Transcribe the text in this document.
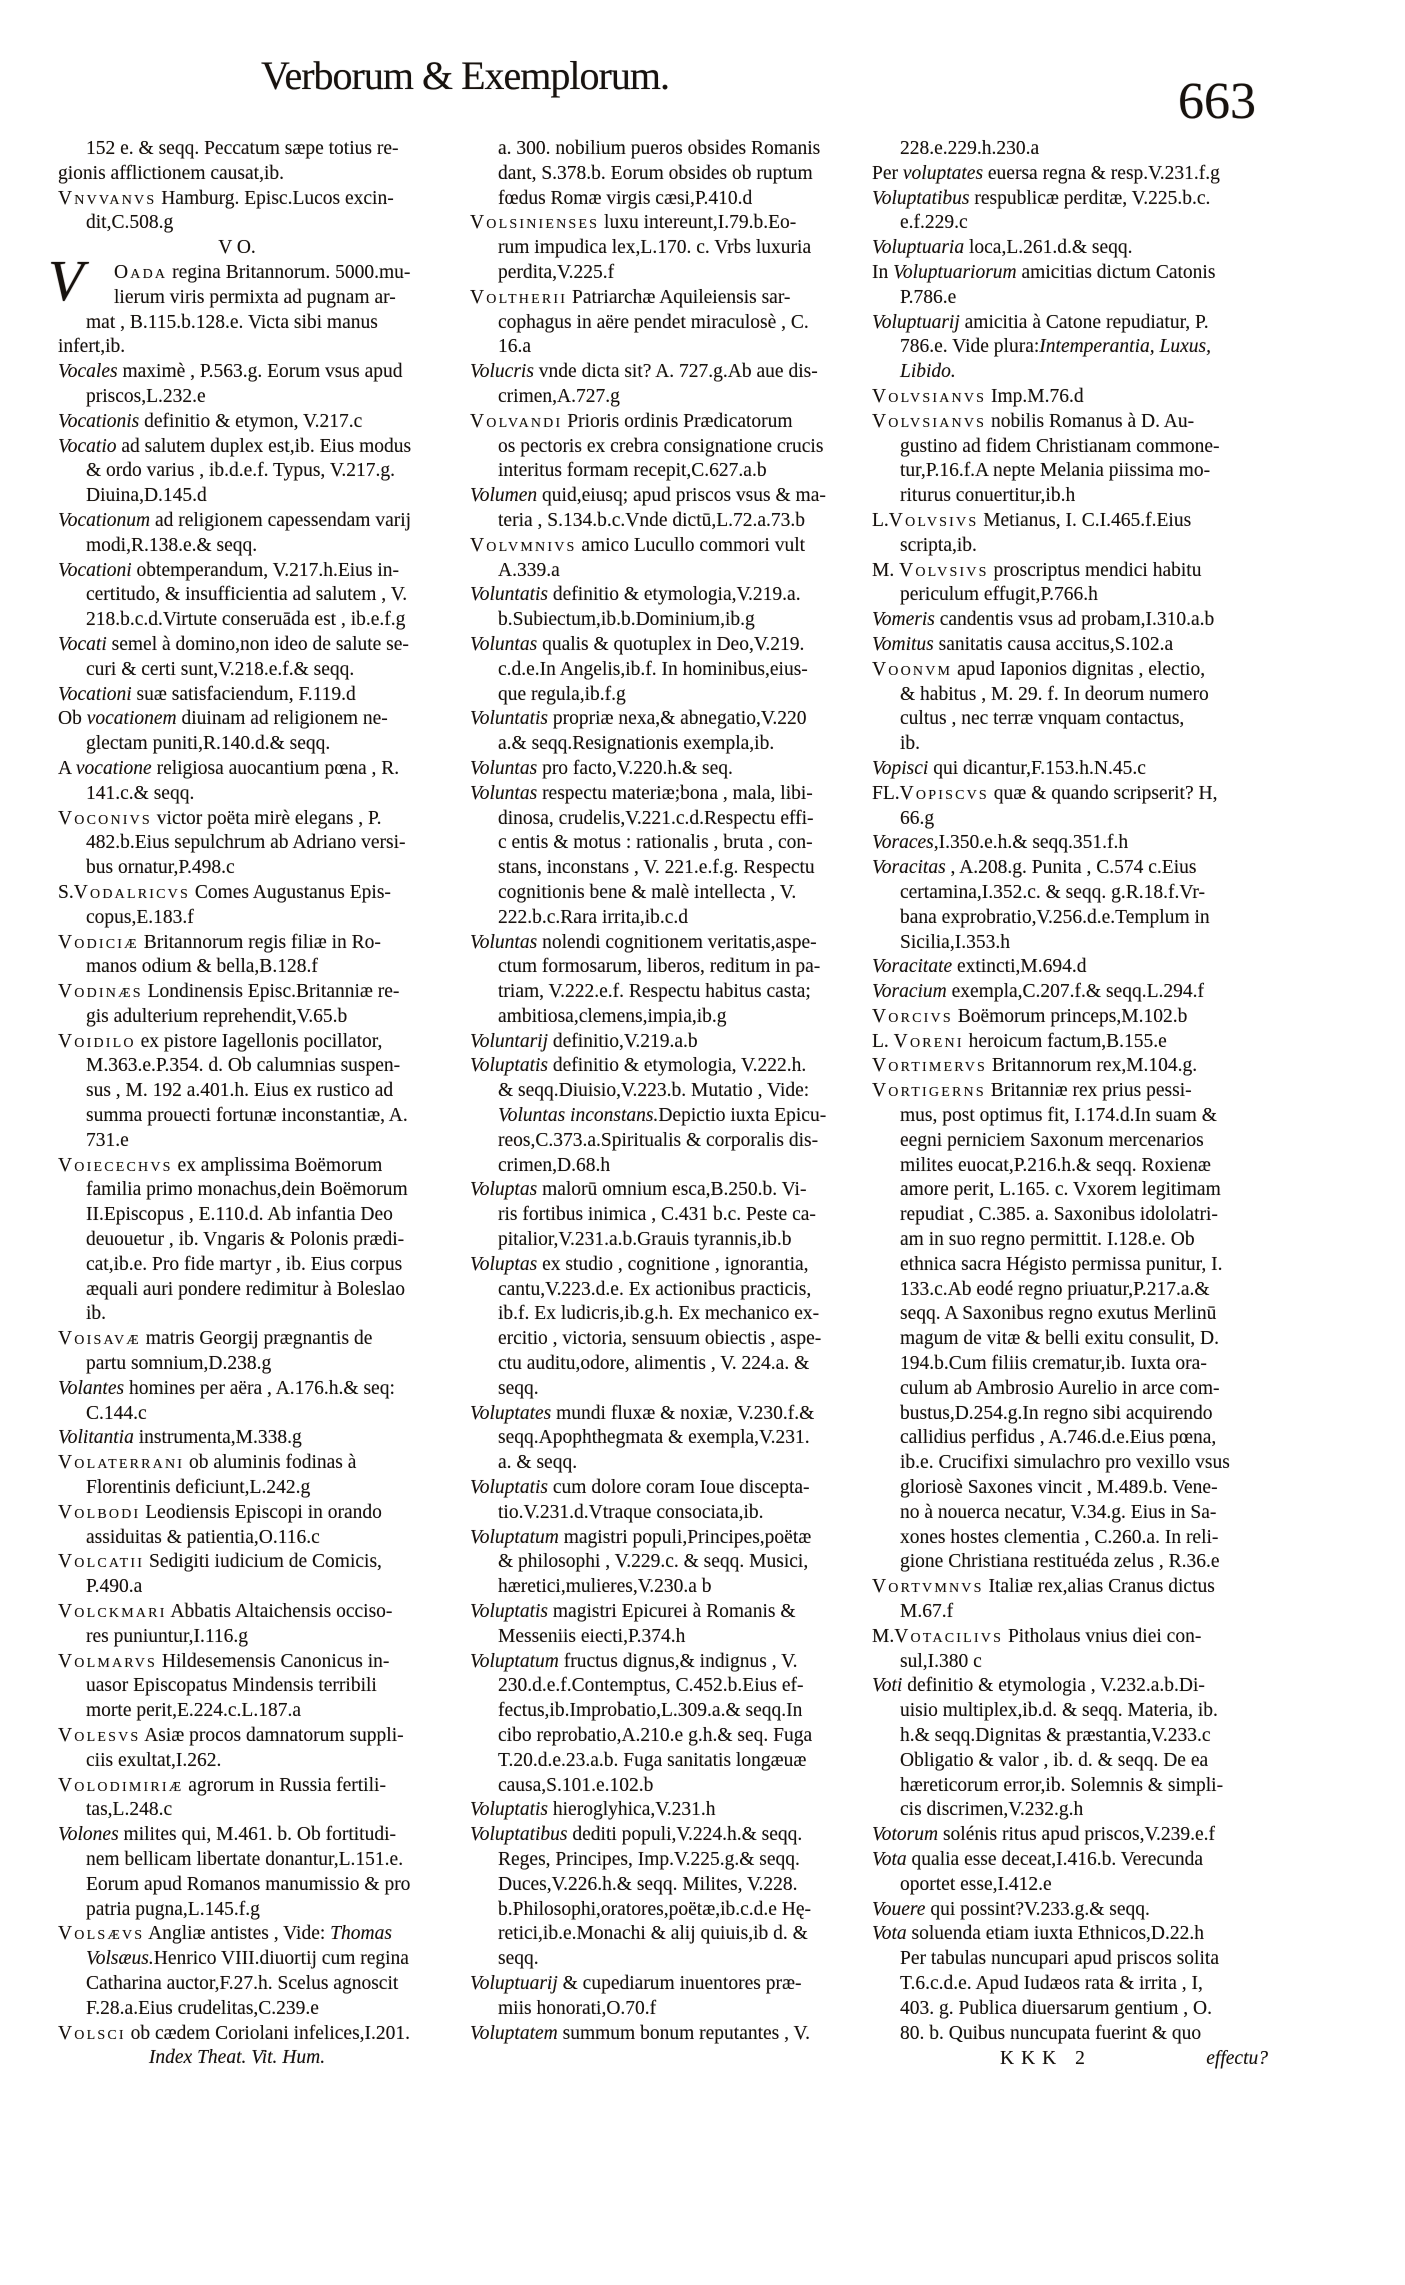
Verborum & Exemplorum.	663
V
152 e. & seqq. Peccatum sæpe totius re-
gionis afflictionem causat,ib.
Vnvvanvs Hamburg. Episc.Lucos excin-
dit,C.508.g
V O.
Oada regina Britannorum. 5000.mu-
lierum viris permixta ad pugnam ar-
mat , B.115.b.128.e. Victa sibi manus
infert,ib.
Vocales maximè , P.563.g. Eorum vsus apud
priscos,L.232.e
Vocationis definitio & etymon, V.217.c
Vocatio ad salutem duplex est,ib. Eius modus
& ordo varius , ib.d.e.f. Typus, V.217.g.
Diuina,D.145.d
Vocationum ad religionem capessendam varij
modi,R.138.e.& seqq.
Vocationi obtemperandum, V.217.h.Eius in-
certitudo, & insufficientia ad salutem , V.
218.b.c.d.Virtute conseruāda est , ib.e.f.g
Vocati semel à domino,non ideo de salute se-
curi & certi sunt,V.218.e.f.& seqq.
Vocationi suæ satisfaciendum, F.119.d
Ob vocationem diuinam ad religionem ne-
glectam puniti,R.140.d.& seqq.
A vocatione religiosa auocantium pœna , R.
141.c.& seqq.
Voconivs victor poëta mirè elegans , P.
482.b.Eius sepulchrum ab Adriano versi-
bus ornatur,P.498.c
S.Vodalricvs Comes Augustanus Epis-
copus,E.183.f
Vodiciæ Britannorum regis filiæ in Ro-
manos odium & bella,B.128.f
Vodinæs Londinensis Episc.Britanniæ re-
gis adulterium reprehendit,V.65.b
Voidilo ex pistore Iagellonis pocillator,
M.363.e.P.354. d. Ob calumnias suspen-
sus , M. 192 a.401.h. Eius ex rustico ad
summa prouecti fortunæ inconstantiæ, A.
731.e
Voiecechvs ex amplissima Boëmorum
familia primo monachus,dein Boëmorum
II.Episcopus , E.110.d. Ab infantia Deo
deuouetur , ib. Vngaris & Polonis prædi-
cat,ib.e. Pro fide martyr , ib. Eius corpus
æquali auri pondere redimitur à Boleslao
ib.
Voisavæ matris Georgij prægnantis de
partu somnium,D.238.g
Volantes homines per aëra , A.176.h.& seq:
C.144.c
Volitantia instrumenta,M.338.g
Volaterrani ob aluminis fodinas à
Florentinis deficiunt,L.242.g
Volbodi Leodiensis Episcopi in orando
assiduitas & patientia,O.116.c
Volcatii Sedigiti iudicium de Comicis,
P.490.a
Volckmari Abbatis Altaichensis occiso-
res puniuntur,I.116.g
Volmarvs Hildesemensis Canonicus in-
uasor Episcopatus Mindensis terribili
morte perit,E.224.c.L.187.a
Volesvs Asiæ procos damnatorum suppli-
ciis exultat,I.262.
Volodimiriæ agrorum in Russia fertili-
tas,L.248.c
Volones milites qui, M.461. b. Ob fortitudi-
nem bellicam libertate donantur,L.151.e.
Eorum apud Romanos manumissio & pro
patria pugna,L.145.f.g
Volsævs Angliæ antistes , Vide: Thomas
Volsæus.Henrico VIII.diuortij cum regina
Catharina auctor,F.27.h. Scelus agnoscit
F.28.a.Eius crudelitas,C.239.e
Volsci ob cædem Coriolani infelices,I.201.
Index Theat. Vit. Hum.
a. 300. nobilium pueros obsides Romanis
dant, S.378.b. Eorum obsides ob ruptum
fœdus Romæ virgis cæsi,P.410.d
Volsinienses luxu intereunt,I.79.b.Eo-
rum impudica lex,L.170. c. Vrbs luxuria
perdita,V.225.f
Voltherii Patriarchæ Aquileiensis sar-
cophagus in aëre pendet miraculosè , C.
16.a
Volucris vnde dicta sit? A. 727.g.Ab aue dis-
crimen,A.727.g
Volvandi Prioris ordinis Prædicatorum
os pectoris ex crebra consignatione crucis
interitus formam recepit,C.627.a.b
Volumen quid,eiusq; apud priscos vsus & ma-
teria , S.134.b.c.Vnde dictū,L.72.a.73.b
Volvmnivs amico Lucullo commori vult
A.339.a
Voluntatis definitio & etymologia,V.219.a.
b.Subiectum,ib.b.Dominium,ib.g
Voluntas qualis & quotuplex in Deo,V.219.
c.d.e.In Angelis,ib.f. In hominibus,eius-
que regula,ib.f.g
Voluntatis propriæ nexa,& abnegatio,V.220
a.& seqq.Resignationis exempla,ib.
Voluntas pro facto,V.220.h.& seq.
Voluntas respectu materiæ;bona , mala, libi-
dinosa, crudelis,V.221.c.d.Respectu effi-
c entis & motus : rationalis , bruta , con-
stans, inconstans , V. 221.e.f.g. Respectu
cognitionis bene & malè intellecta , V.
222.b.c.Rara irrita,ib.c.d
Voluntas nolendi cognitionem veritatis,aspe-
ctum formosarum, liberos, reditum in pa-
triam, V.222.e.f. Respectu habitus casta;
ambitiosa,clemens,impia,ib.g
Voluntarij definitio,V.219.a.b
Voluptatis definitio & etymologia, V.222.h.
& seqq.Diuisio,V.223.b. Mutatio , Vide:
Voluntas inconstans.Depictio iuxta Epicu-
reos,C.373.a.Spiritualis & corporalis dis-
crimen,D.68.h
Voluptas malorū omnium esca,B.250.b. Vi-
ris fortibus inimica , C.431 b.c. Peste ca-
pitalior,V.231.a.b.Grauis tyrannis,ib.b
Voluptas ex studio , cognitione , ignorantia,
cantu,V.223.d.e. Ex actionibus practicis,
ib.f. Ex ludicris,ib.g.h. Ex mechanico ex-
ercitio , victoria, sensuum obiectis , aspe-
ctu auditu,odore, alimentis , V. 224.a. &
seqq.
Voluptates mundi fluxæ & noxiæ, V.230.f.&
seqq.Apophthegmata & exempla,V.231.
a. & seqq.
Voluptatis cum dolore coram Ioue discepta-
tio.V.231.d.Vtraque consociata,ib.
Voluptatum magistri populi,Principes,poëtæ
& philosophi , V.229.c. & seqq. Musici,
hæretici,mulieres,V.230.a b
Voluptatis magistri Epicurei à Romanis &
Messeniis eiecti,P.374.h
Voluptatum fructus dignus,& indignus , V.
230.d.e.f.Contemptus, C.452.b.Eius ef-
fectus,ib.Improbatio,L.309.a.& seqq.In
cibo reprobatio,A.210.e g.h.& seq. Fuga
T.20.d.e.23.a.b. Fuga sanitatis longæuæ
causa,S.101.e.102.b
Voluptatis hieroglyhica,V.231.h
Voluptatibus dediti populi,V.224.h.& seqq.
Reges, Principes, Imp.V.225.g.& seqq.
Duces,V.226.h.& seqq. Milites, V.228.
b.Philosophi,oratores,poëtæ,ib.c.d.e Hę-
retici,ib.e.Monachi & alij quiuis,ib d. &
seqq.
Voluptuarij & cupediarum inuentores præ-
miis honorati,O.70.f
Voluptatem summum bonum reputantes , V.
228.e.229.h.230.a
Per voluptates euersa regna & resp.V.231.f.g
Voluptatibus respublicæ perditæ, V.225.b.c.
e.f.229.c
Voluptuaria loca,L.261.d.& seqq.
In Voluptuariorum amicitias dictum Catonis
P.786.e
Voluptuarij amicitia à Catone repudiatur, P.
786.e. Vide plura:Intemperantia, Luxus,
Libido.
Volvsianvs Imp.M.76.d
Volvsianvs nobilis Romanus à D. Au-
gustino ad fidem Christianam commone-
tur,P.16.f.A nepte Melania piissima mo-
riturus conuertitur,ib.h
L.Volvsivs Metianus, I. C.I.465.f.Eius
scripta,ib.
M. Volvsivs proscriptus mendici habitu
periculum effugit,P.766.h
Vomeris candentis vsus ad probam,I.310.a.b
Vomitus sanitatis causa accitus,S.102.a
Voonvm apud Iaponios dignitas , electio,
& habitus , M. 29. f. In deorum numero
cultus , nec terræ vnquam contactus,
ib.
Vopisci qui dicantur,F.153.h.N.45.c
FL.Vopiscvs quæ & quando scripserit? H,
66.g
Voraces,I.350.e.h.& seqq.351.f.h
Voracitas , A.208.g. Punita , C.574 c.Eius
certamina,I.352.c. & seqq. g.R.18.f.Vr-
bana exprobratio,V.256.d.e.Templum in
Sicilia,I.353.h
Voracitate extincti,M.694.d
Voracium exempla,C.207.f.& seqq.L.294.f
Vorcivs Boëmorum princeps,M.102.b
L. Voreni heroicum factum,B.155.e
Vortimervs Britannorum rex,M.104.g.
Vortigerns Britanniæ rex prius pessi-
mus, post optimus fit, I.174.d.In suam &
eegni perniciem Saxonum mercenarios
milites euocat,P.216.h.& seqq. Roxienæ
amore perit, L.165. c. Vxorem legitimam
repudiat , C.385. a. Saxonibus idololatri-
am in suo regno permittit. I.128.e. Ob
ethnica sacra Hégisto permissa punitur, I.
133.c.Ab eodé regno priuatur,P.217.a.&
seqq. A Saxonibus regno exutus Merlinū
magum de vitæ & belli exitu consulit, D.
194.b.Cum filiis crematur,ib. Iuxta ora-
culum ab Ambrosio Aurelio in arce com-
bustus,D.254.g.In regno sibi acquirendo
callidius perfidus , A.746.d.e.Eius pœna,
ib.e. Crucifixi simulachro pro vexillo vsus
gloriosè Saxones vincit , M.489.b. Vene-
no à nouerca necatur, V.34.g. Eius in Sa-
xones hostes clementia , C.260.a. In reli-
gione Christiana restituéda zelus , R.36.e
Vortvmnvs Italiæ rex,alias Cranus dictus
M.67.f
M.Votacilivs Pitholaus vnius diei con-
sul,I.380 c
Voti definitio & etymologia , V.232.a.b.Di-
uisio multiplex,ib.d. & seqq. Materia, ib.
h.& seqq.Dignitas & præstantia,V.233.c
Obligatio & valor , ib. d. & seqq. De ea
hæreticorum error,ib. Solemnis & simpli-
cis discrimen,V.232.g.h
Votorum solénis ritus apud priscos,V.239.e.f
Vota qualia esse deceat,I.416.b. Verecunda
oportet esse,I.412.e
Vouere qui possint?V.233.g.& seqq.
Vota soluenda etiam iuxta Ethnicos,D.22.h
Per tabulas nuncupari apud priscos solita
T.6.c.d.e. Apud Iudæos rata & irrita , I,
403. g. Publica diuersarum gentium , O.
80. b. Quibus nuncupata fuerint & quo
KKK 2	effectu?
